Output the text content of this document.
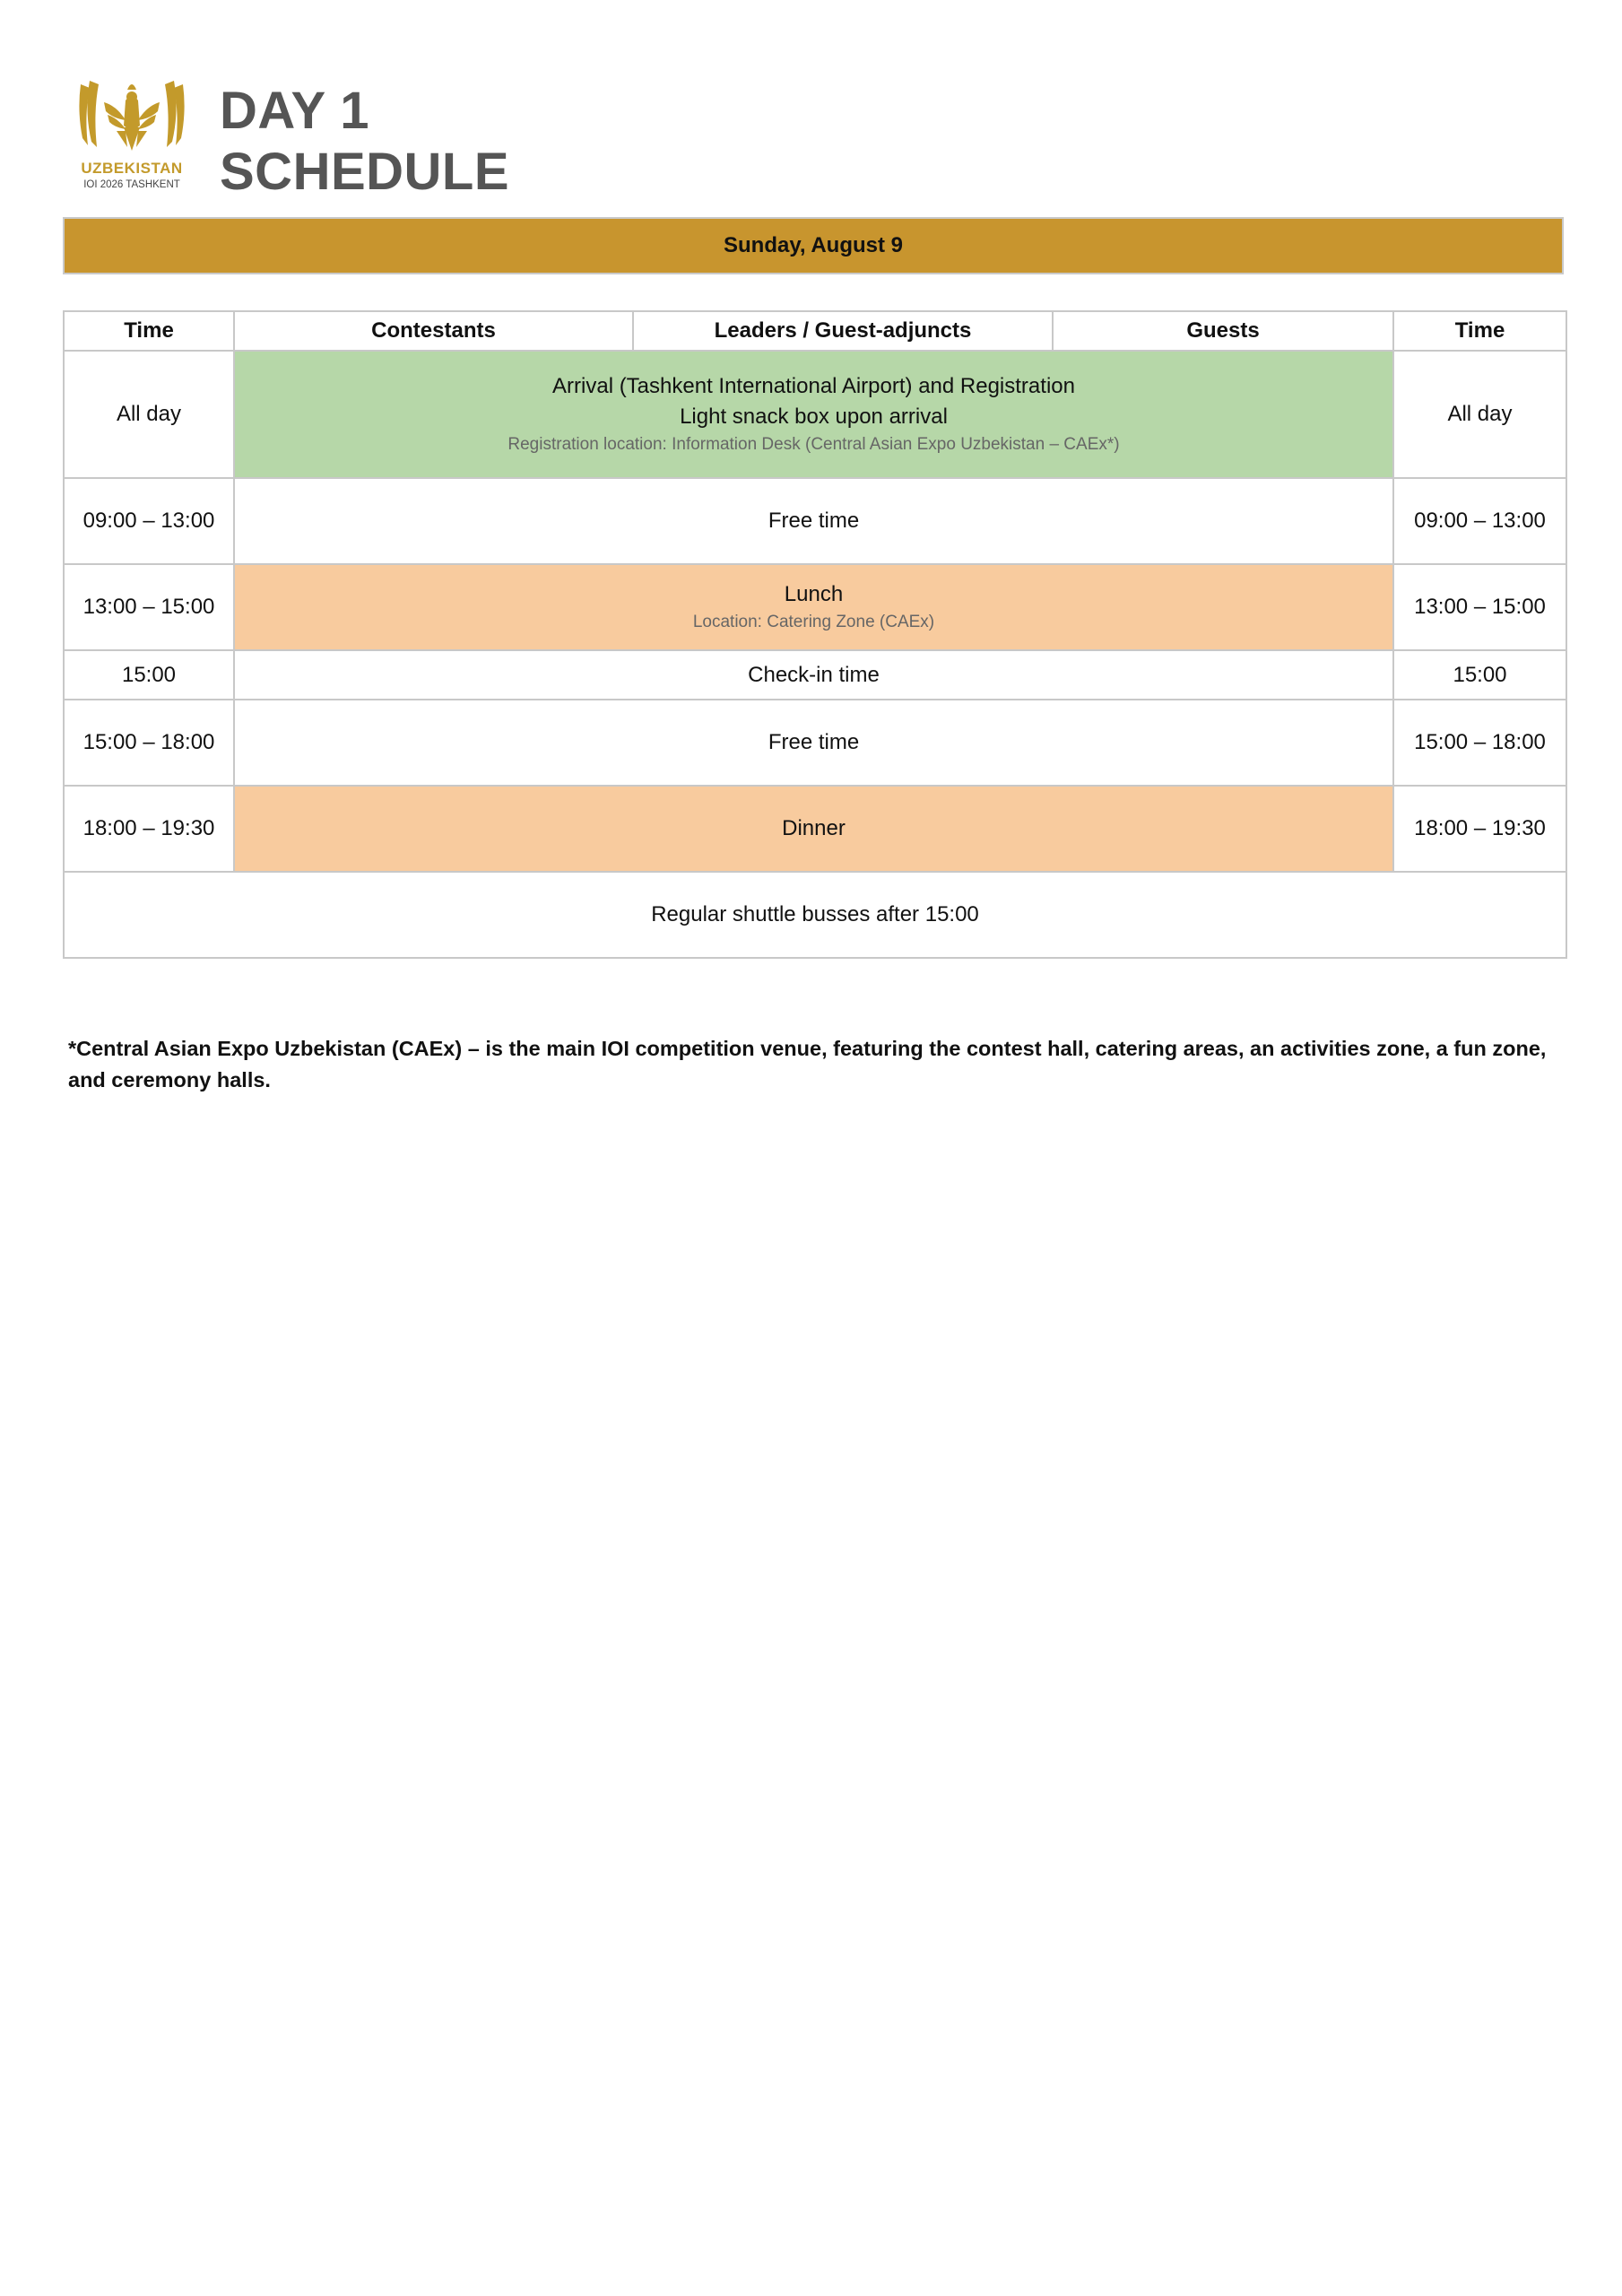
UZBEKISTAN
IOI 2026 TASHKENT
DAY 1
SCHEDULE
Sunday, August 9
Time	Contestants	Leaders / Guest-adjuncts	Guests	Time
All day	Arrival (Tashkent International Airport) and Registration
Light snack box upon arrival
Registration location: Information Desk (Central Asian Expo Uzbekistan – CAEx*)			All day
09:00 – 13:00	Free time			09:00 – 13:00
13:00 – 15:00	Lunch
Location: Catering Zone (CAEx)			13:00 – 15:00
15:00	Check-in time			15:00
15:00 – 18:00	Free time			15:00 – 18:00
18:00 – 19:30	Dinner			18:00 – 19:30
Regular shuttle busses after 15:00				
*Central Asian Expo Uzbekistan (CAEx) – is the main IOI competition venue, featuring the contest hall, catering areas, an activities zone, a fun zone, and ceremony halls.
